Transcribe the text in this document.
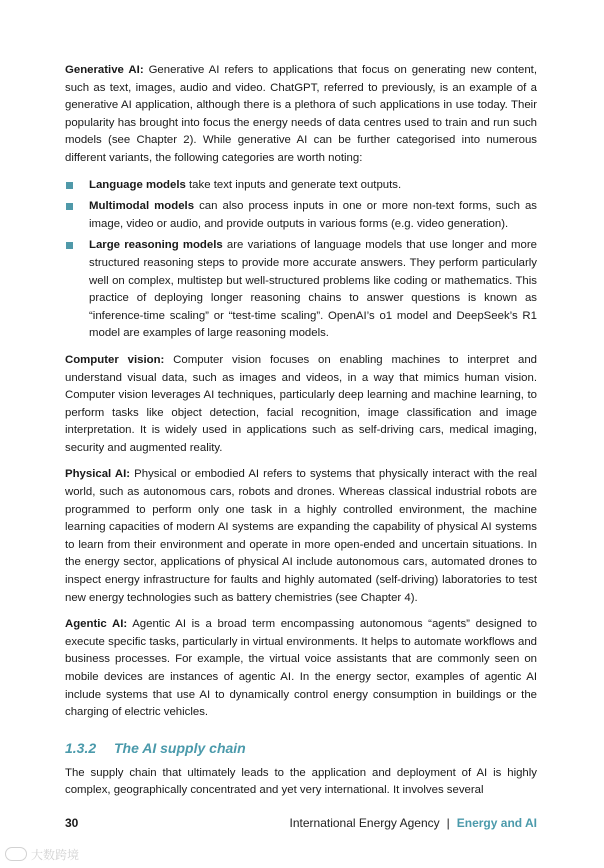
Generative AI: Generative AI refers to applications that focus on generating new content, such as text, images, audio and video. ChatGPT, referred to previously, is an example of a generative AI application, although there is a plethora of such applications in use today. Their popularity has brought into focus the energy needs of data centres used to train and run such models (see Chapter 2). While generative AI can be further categorised into numerous different variants, the following categories are worth noting:

Language models take text inputs and generate text outputs.
Multimodal models can also process inputs in one or more non-text forms, such as image, video or audio, and provide outputs in various forms (e.g. video generation).
Large reasoning models are variations of language models that use longer and more structured reasoning steps to provide more accurate answers. They perform particularly well on complex, multistep but well-structured problems like coding or mathematics. This practice of deploying longer reasoning chains to answer questions is known as “inference-time scaling” or “test-time scaling”. OpenAI’s o1 model and DeepSeek’s R1 model are examples of large reasoning models.

Computer vision: Computer vision focuses on enabling machines to interpret and understand visual data, such as images and videos, in a way that mimics human vision. Computer vision leverages AI techniques, particularly deep learning and machine learning, to perform tasks like object detection, facial recognition, image classification and image interpretation. It is widely used in applications such as self-driving cars, medical imaging, security and augmented reality.

Physical AI: Physical or embodied AI refers to systems that physically interact with the real world, such as autonomous cars, robots and drones. Whereas classical industrial robots are programmed to perform only one task in a highly controlled environment, the machine learning capacities of modern AI systems are expanding the capability of physical AI systems to learn from their environment and operate in more open-ended and uncertain situations. In the energy sector, applications of physical AI include autonomous cars, automated drones to inspect energy infrastructure for faults and highly automated (self-driving) laboratories to test new energy technologies such as battery chemistries (see Chapter 4).

Agentic AI: Agentic AI is a broad term encompassing autonomous “agents” designed to execute specific tasks, particularly in virtual environments. It helps to automate workflows and business processes. For example, the virtual voice assistants that are commonly seen on mobile devices are instances of agentic AI. In the energy sector, examples of agentic AI include systems that use AI to dynamically control energy consumption in buildings or the charging of electric vehicles.

1.3.2 The AI supply chain

The supply chain that ultimately leads to the application and deployment of AI is highly complex, geographically concentrated and yet very international. It involves several

30	International Energy Agency | Energy and AI
大数跨境
